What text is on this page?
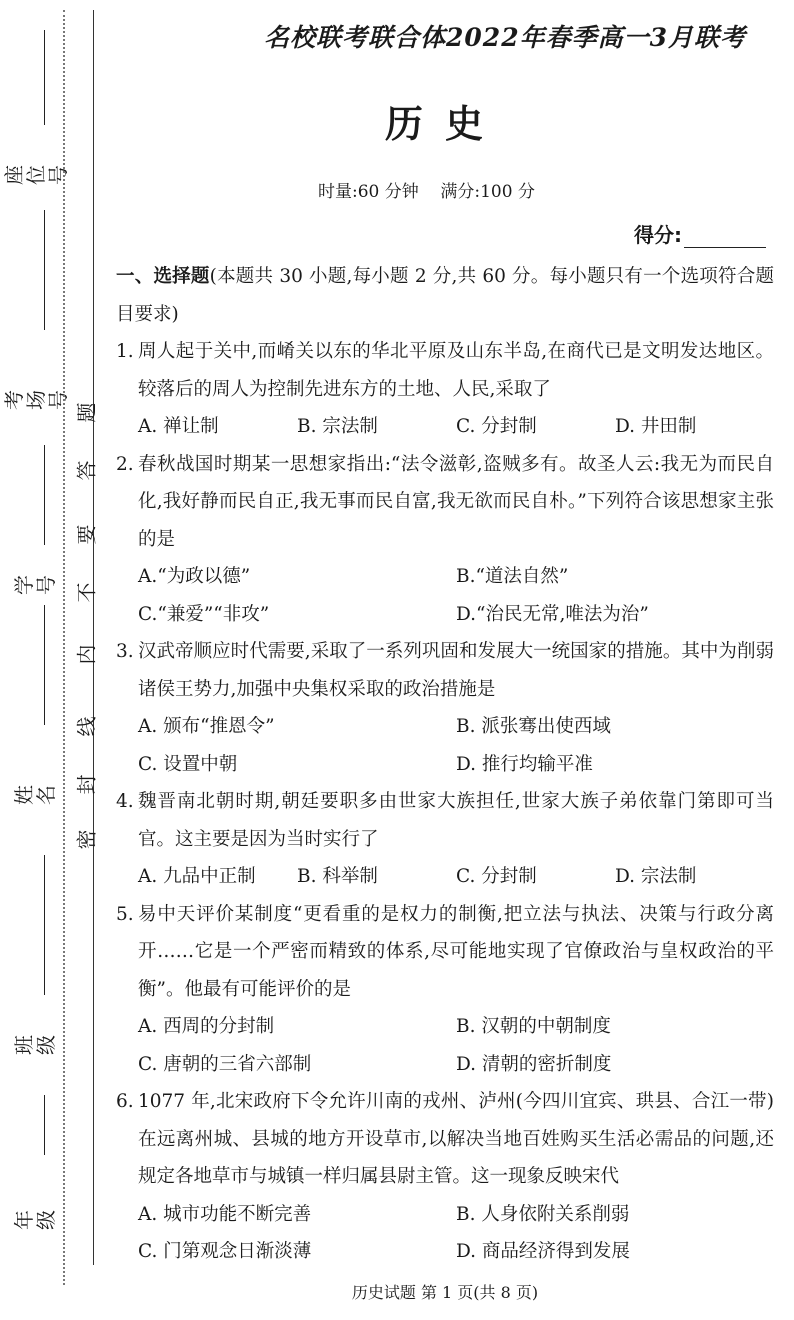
座位号
考场号
学　号
姓　名
班　级
年　级
密
封
线
内
不
要
答
题
名校联考联合体2022年春季高一3月联考
历史
时量:60 分钟 满分:100 分
得分:

一、选择题(本题共 30 小题,每小题 2 分,共 60 分。每小题只有一个选项符合题目要求)

1. 周人起于关中,而崤关以东的华北平原及山东半岛,在商代已是文明发达地区。较落后的周人为控制先进东方的土地、人民,采取了
A. 禅让制	B. 宗法制	C. 分封制	D. 井田制
2. 春秋战国时期某一思想家指出:“法令滋彰,盗贼多有。故圣人云:我无为而民自化,我好静而民自正,我无事而民自富,我无欲而民自朴。”下列符合该思想家主张的是
A.“为政以德”	B.“道法自然”
C.“兼爱”“非攻”	D.“治民无常,唯法为治”
3. 汉武帝顺应时代需要,采取了一系列巩固和发展大一统国家的措施。其中为削弱诸侯王势力,加强中央集权采取的政治措施是
A. 颁布“推恩令”	B. 派张骞出使西域
C. 设置中朝	D. 推行均输平准
4. 魏晋南北朝时期,朝廷要职多由世家大族担任,世家大族子弟依靠门第即可当官。这主要是因为当时实行了
A. 九品中正制	B. 科举制	C. 分封制	D. 宗法制
5. 易中天评价某制度“更看重的是权力的制衡,把立法与执法、决策与行政分离开……它是一个严密而精致的体系,尽可能地实现了官僚政治与皇权政治的平衡”。他最有可能评价的是
A. 西周的分封制	B. 汉朝的中朝制度
C. 唐朝的三省六部制	D. 清朝的密折制度
6. 1077 年,北宋政府下令允许川南的戎州、泸州(今四川宜宾、珙县、合江一带)在远离州城、县城的地方开设草市,以解决当地百姓购买生活必需品的问题,还规定各地草市与城镇一样归属县尉主管。这一现象反映宋代
A. 城市功能不断完善	B. 人身依附关系削弱
C. 门第观念日渐淡薄	D. 商品经济得到发展
历史试题 第 1 页(共 8 页)
